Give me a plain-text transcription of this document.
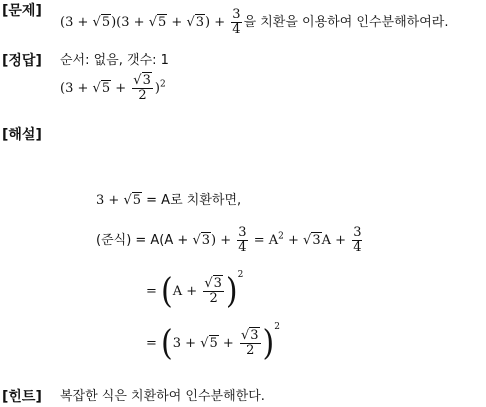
[문제]
$(3 + √5)(3 + √5 + √3) + \frac{3}{4}$ 을 치환을 이용하여 인수분해하여라.
[정답] 순서: 없음, 갯수: 1
$(3 + √5 + \frac{√3}{2} )^2$
[해설]
3 + √5 = A로 치환하면,
(준식) = $A(A + √3) + \frac{3}{4} = A^2 + √3A + \frac{3}{4}$
= $(A + \frac{√3}{2} )^2$
= $(3 + √5 + \frac{√3}{2} )^2$
[힌트] 복잡한 식은 치환하여 인수분해한다.
